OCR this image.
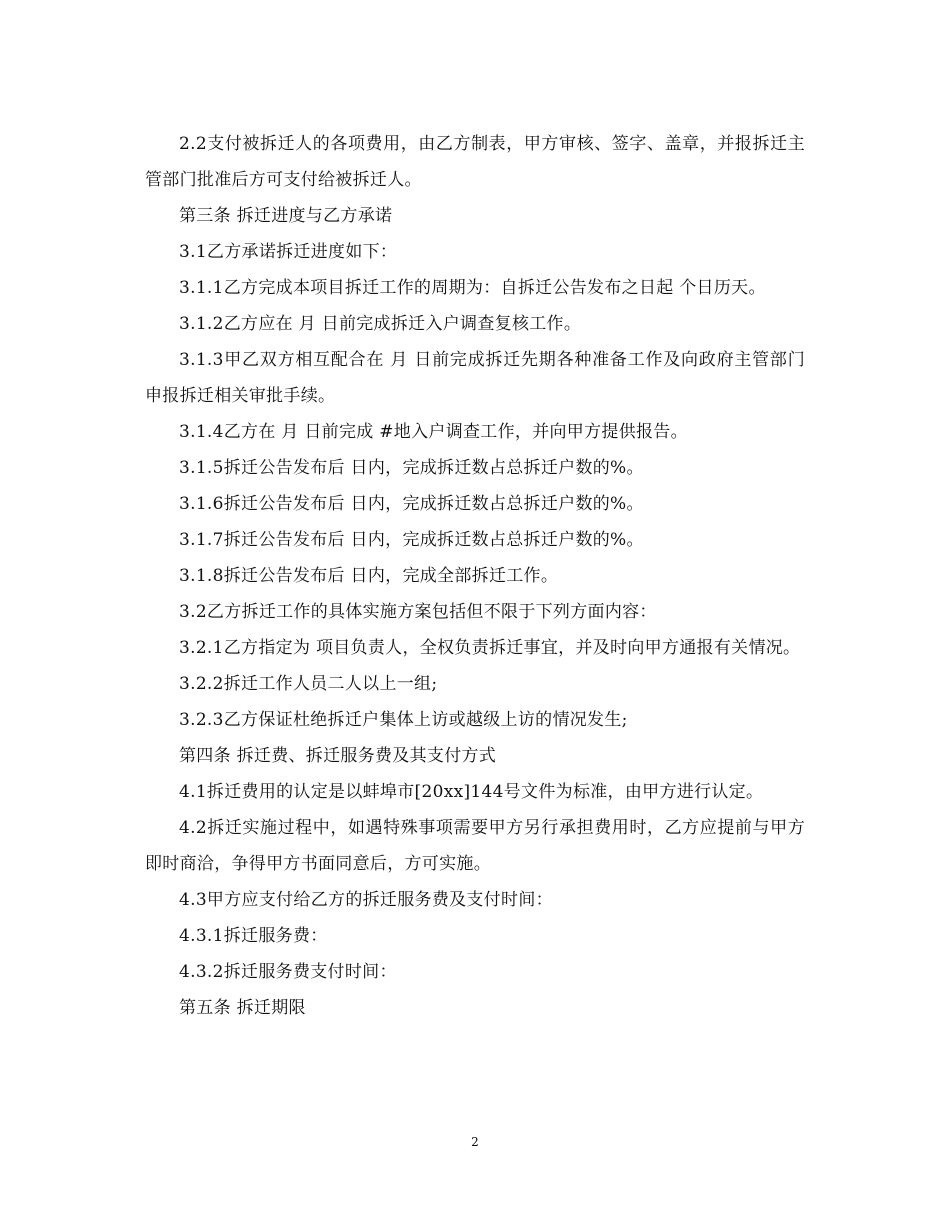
2.2支付被拆迁人的各项费用，由乙方制表，甲方审核、签字、盖章，并报拆迁主管部门批准后方可支付给被拆迁人。

第三条 拆迁进度与乙方承诺

3.1乙方承诺拆迁进度如下：

3.1.1乙方完成本项目拆迁工作的周期为：自拆迁公告发布之日起 个日历天。

3.1.2乙方应在 月 日前完成拆迁入户调查复核工作。

3.1.3甲乙双方相互配合在 月 日前完成拆迁先期各种准备工作及向政府主管部门申报拆迁相关审批手续。

3.1.4乙方在 月 日前完成 #地入户调查工作，并向甲方提供报告。

3.1.5拆迁公告发布后 日内，完成拆迁数占总拆迁户数的%。

3.1.6拆迁公告发布后 日内，完成拆迁数占总拆迁户数的%。

3.1.7拆迁公告发布后 日内，完成拆迁数占总拆迁户数的%。

3.1.8拆迁公告发布后 日内，完成全部拆迁工作。

3.2乙方拆迁工作的具体实施方案包括但不限于下列方面内容：

3.2.1乙方指定为 项目负责人，全权负责拆迁事宜，并及时向甲方通报有关情况。

3.2.2拆迁工作人员二人以上一组;

3.2.3乙方保证杜绝拆迁户集体上访或越级上访的情况发生;

第四条 拆迁费、拆迁服务费及其支付方式

4.1拆迁费用的认定是以蚌埠市[20xx]144号文件为标准，由甲方进行认定。

4.2拆迁实施过程中，如遇特殊事项需要甲方另行承担费用时，乙方应提前与甲方即时商洽，争得甲方书面同意后，方可实施。

4.3甲方应支付给乙方的拆迁服务费及支付时间：

4.3.1拆迁服务费：

4.3.2拆迁服务费支付时间：

第五条 拆迁期限

2
